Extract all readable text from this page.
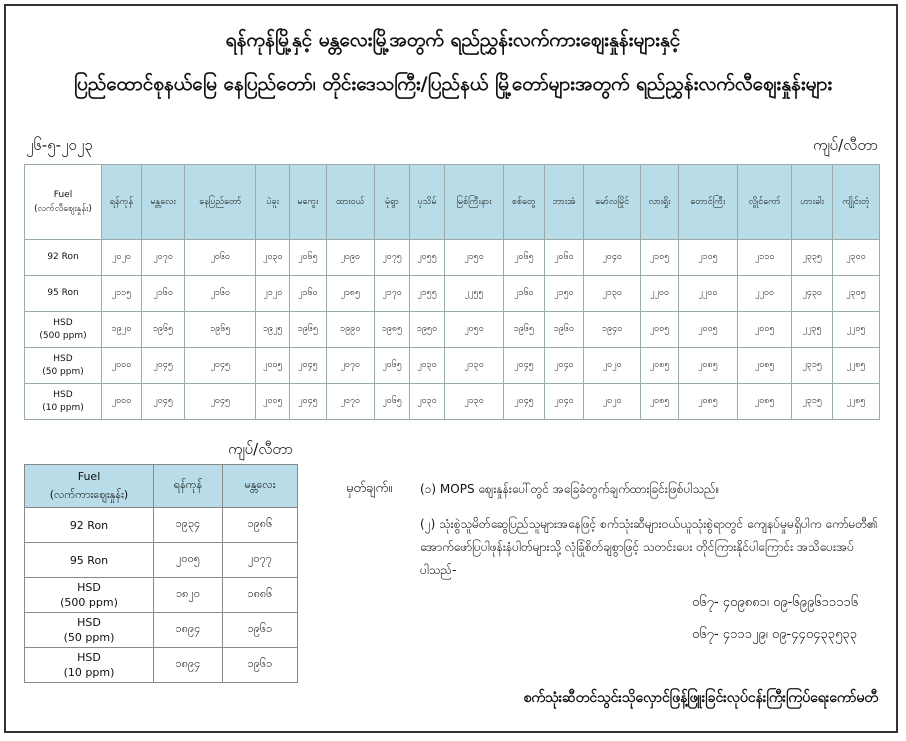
ရန်ကုန်မြို့နှင့် မန္တလေးမြို့အတွက် ရည်ညွှန်းလက်ကားဈေးနှုန်းများနှင့်
ပြည်ထောင်စုနယ်မြေ နေပြည်တော်၊ တိုင်းဒေသကြီး/ပြည်နယ် မြို့တော်များအတွက် ရည်ညွှန်းလက်လီဈေးနှုန်းများ
၂၆-၅-၂၀၂၃	ကျပ်/လီတာ
Fuel
(လက်လီဈေးနှုန်း)	ရန်ကုန်	မန္တလေး	နေပြည်တော်	ပဲခူး	မကွေး	ထားဝယ်	မုံရွာ	ပုသိမ်	မြစ်ကြီးနား	စစ်တွေ	ဘားအံ	မော်လမြိုင်	လားရှိုး	တောင်ကြီး	လွိုင်ကော်	ဟားခါး	ကျိုင်းတုံ

92 Ron	၂၀၂၀	၂၀၇၀	၂၀၆၀	၂၀၃၀	၂၀၆၅	၂၀၉၀	၂၀၇၅	၂၀၅၅	၂၁၅၀	၂၀၆၅	၂၀၆၀	၂၀၄၀	၂၁၀၅	၂၁၀၅	၂၁၁၀	၂၃၃၅	၂၃၀၀

95 Ron	၂၁၁၅	၂၁၆၀	၂၁၆၀	၂၁၂၀	၂၁၆၀	၂၁၈၅	၂၁၇၀	၂၁၅၅	၂၂၅၅	၂၁၆၀	၂၁၅၀	၂၁၃၀	၂၂၀၀	၂၂၀၀	၂၂၀၀	၂၄၃၀	၂၃၀၅

HSD
(500 ppm)	၁၉၂၀	၁၉၆၅	၁၉၆၅	၁၉၂၅	၁၉၆၅	၁၉၉၀	၁၉၈၅	၁၉၅၀	၂၀၅၀	၁၉၆၅	၁၉၆၀	၁၉၄၀	၂၀၀၅	၂၀၀၅	၂၀၀၅	၂၂၃၅	၂၂၀၅

HSD
(50 ppm)	၂၀၀၀	၂၀၄၅	၂၀၄၅	၂၀၀၅	၂၀၄၅	၂၀၇၀	၂၀၆၅	၂၀၃၀	၂၁၃၀	၂၀၄၅	၂၀၄၀	၂၀၂၀	၂၀၈၅	၂၀၈၅	၂၀၈၅	၂၃၁၅	၂၂၈၅

HSD
(10 ppm)	၂၀၀၀	၂၀၄၅	၂၀၄၅	၂၀၀၅	၂၀၄၅	၂၀၇၀	၂၀၆၅	၂၀၃၀	၂၁၃၀	၂၀၄၅	၂၀၄၀	၂၀၂၀	၂၀၈၅	၂၀၈၅	၂၀၈၅	၂၃၁၅	၂၂၈၅
ကျပ်/လီတာ
Fuel
(လက်ကားဈေးနှုန်း)	ရန်ကုန်	မန္တလေး

92 Ron	၁၉၃၄	၁၉၈၆

95 Ron	၂၀၀၅	၂၀၇၇

HSD
(500 ppm)	၁၈၂၀	၁၈၈၆

HSD
(50 ppm)	၁၈၉၄	၁၉၆၁

HSD
(10 ppm)	၁၈၉၄	၁၉၆၁
မှတ်ချက်။ (၁) MOPS ဈေးနှုန်းပေါ်တွင် အခြေခံတွက်ချက်ထားခြင်းဖြစ်ပါသည်။
(၂) သုံးစွဲသူမိတ်ဆွေပြည်သူများအနေဖြင့် စက်သုံးဆီများဝယ်ယူသုံးစွဲရာတွင် ကျေနပ်မှုမရှိပါက ကော်မတီ၏ အောက်ဖော်ပြပါဖုန်းနံပါတ်များသို့ လုံခြုံစိတ်ချစွာဖြင့် သတင်းပေး တိုင်ကြားနိုင်ပါကြောင်း အသိပေးအပ်ပါသည်-
၀၆၇- ၄၀၉၈၈၁၊ ၀၉-၆၉၉၆၁၁၁၁၆
၀၆၇- ၄၁၁၁၂၉၊ ၀၉-၄၄၀၄၃၃၅၃၃
စက်သုံးဆီတင်သွင်းသိုလှောင်ဖြန့်ဖြူးခြင်းလုပ်ငန်းကြီးကြပ်ရေးကော်မတီ
